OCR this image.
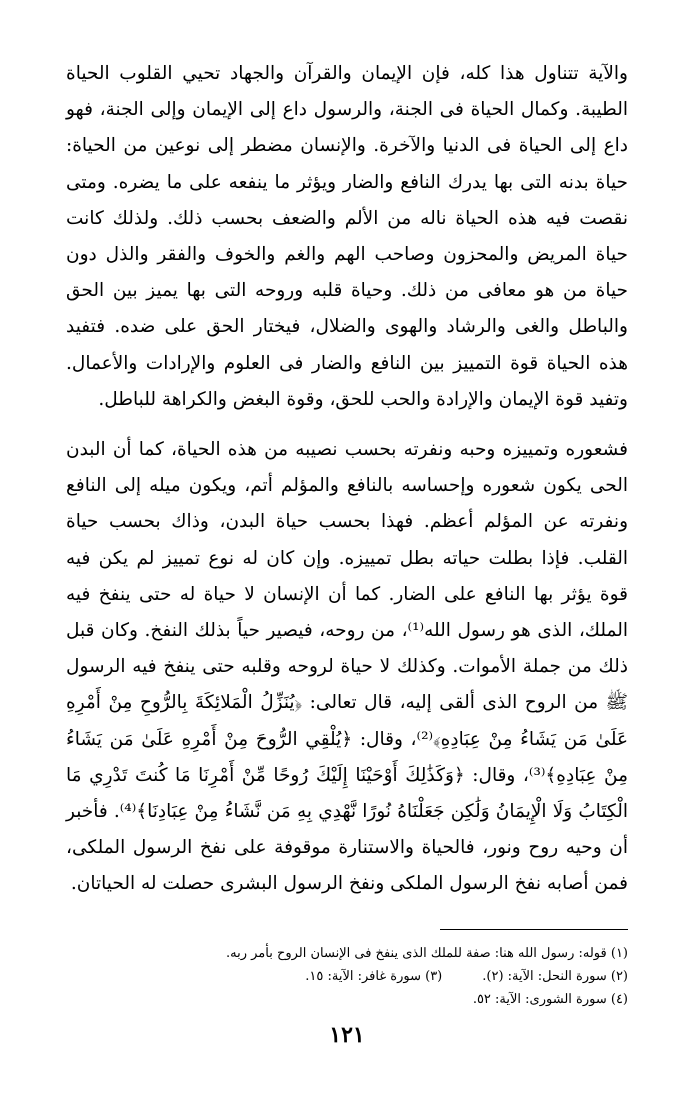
والآية تتناول هذا كله، فإن الإيمان والقرآن والجهاد تحيي القلوب الحياة الطيبة. وكمال الحياة فى الجنة، والرسول داع إلى الإيمان وإلى الجنة، فهو داع إلى الحياة فى الدنيا والآخرة. والإنسان مضطر إلى نوعين من الحياة: حياة بدنه التى بها يدرك النافع والضار ويؤثر ما ينفعه على ما يضره. ومتى نقصت فيه هذه الحياة ناله من الألم والضعف بحسب ذلك. ولذلك كانت حياة المريض والمحزون وصاحب الهم والغم والخوف والفقر والذل دون حياة من هو معافى من ذلك. وحياة قلبه وروحه التى بها يميز بين الحق والباطل والغى والرشاد والهوى والضلال، فيختار الحق على ضده. فتفيد هذه الحياة قوة التمييز بين النافع والضار فى العلوم والإرادات والأعمال. وتفيد قوة الإيمان والإرادة والحب للحق، وقوة البغض والكراهة للباطل.

فشعوره وتمييزه وحبه ونفرته بحسب نصيبه من هذه الحياة، كما أن البدن الحى يكون شعوره وإحساسه بالنافع والمؤلم أتم، ويكون ميله إلى النافع ونفرته عن المؤلم أعظم. فهذا بحسب حياة البدن، وذاك بحسب حياة القلب. فإذا بطلت حياته بطل تمييزه. وإن كان له نوع تمييز لم يكن فيه قوة يؤثر بها النافع على الضار. كما أن الإنسان لا حياة له حتى ينفخ فيه الملك، الذى هو رسول الله⁽¹⁾، من روحه، فيصير حياً بذلك النفخ. وكان قبل ذلك من جملة الأموات. وكذلك لا حياة لروحه وقلبه حتى ينفخ فيه الرسول ﷺ من الروح الذى ألقى إليه، قال تعالى: ﴿يُنَزِّلُ الْمَلائِكَةَ بِالرُّوحِ مِنْ أَمْرِهِ عَلَىٰ مَن يَشَاءُ مِنْ عِبَادِهِ﴾⁽²⁾، وقال: ﴿يُلْقِي الرُّوحَ مِنْ أَمْرِهِ عَلَىٰ مَن يَشَاءُ مِنْ عِبَادِهِ﴾⁽³⁾، وقال: ﴿وَكَذَٰلِكَ أَوْحَيْنَا إِلَيْكَ رُوحًا مِّنْ أَمْرِنَا مَا كُنتَ تَدْرِي مَا الْكِتَابُ وَلَا الْإِيمَانُ وَلَٰكِن جَعَلْنَاهُ نُورًا نَّهْدِي بِهِ مَن نَّشَاءُ مِنْ عِبَادِنَا﴾⁽⁴⁾. فأخبر أن وحيه روح ونور، فالحياة والاستنارة موقوفة على نفخ الرسول الملكى، فمن أصابه نفخ الرسول الملكى ونفخ الرسول البشرى حصلت له الحياتان.

(١) قوله: رسول الله هنا: صفة للملك الذى ينفخ فى الإنسان الروح بأمر ربه.

(٢) سورة النحل: الآية: (٢).
(٣) سورة غافر: الآية: ١٥.

(٤) سورة الشورى: الآية: ٥٢.

١٢١
